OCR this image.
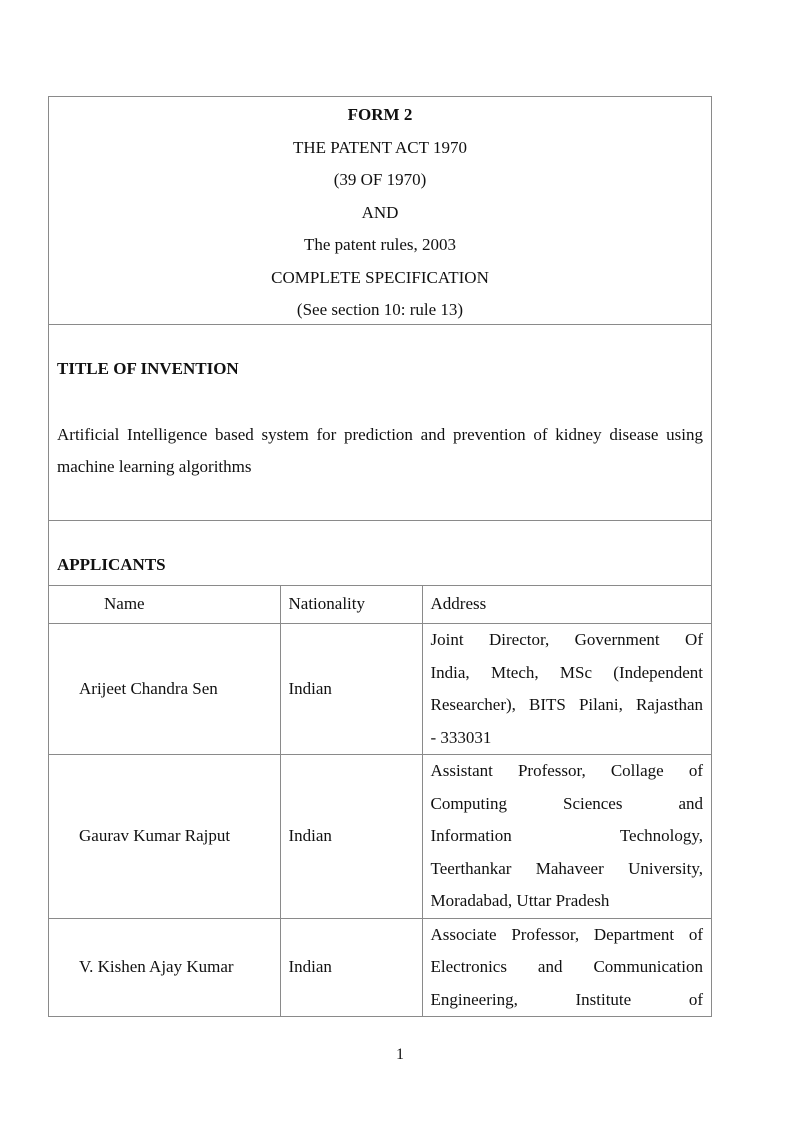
FORM 2
THE PATENT ACT 1970
(39 OF 1970)
AND
The patent rules, 2003
COMPLETE SPECIFICATION
(See section 10: rule 13)
TITLE OF INVENTION
Artificial Intelligence based system for prediction and prevention of kidney disease using machine learning algorithms
APPLICANTS
Name	Nationality	Address
Arijeet Chandra Sen	Indian	Joint Director, Government Of
India, Mtech, MSc (Independent
Researcher), BITS Pilani, Rajasthan
- 333031

Gaurav Kumar Rajput	Indian	Assistant Professor, Collage of
Computing Sciences and
Information Technology,
Teerthankar Mahaveer University,
Moradabad, Uttar Pradesh

V. Kishen Ajay Kumar	Indian	Associate Professor, Department of
Electronics and Communication
Engineering, Institute of
1
